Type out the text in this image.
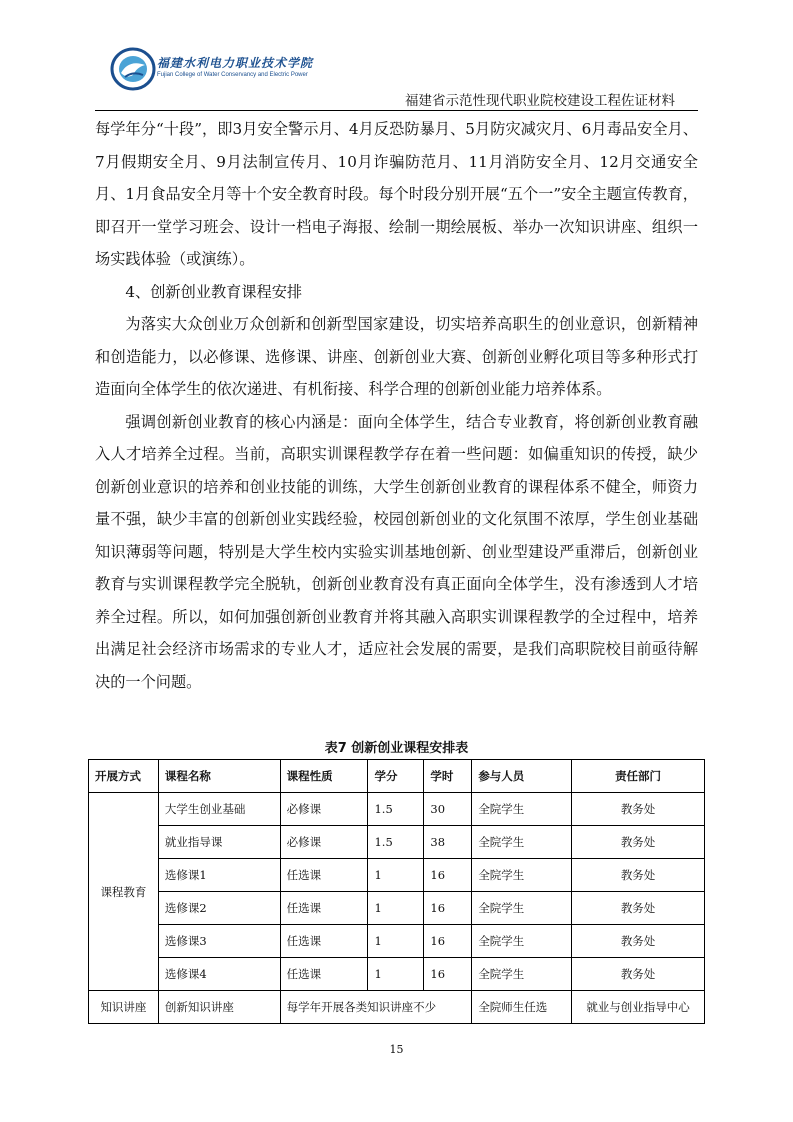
福建水利电力职业技术学院
Fujian College of Water Conservancy and Electric Power
福建省示范性现代职业院校建设工程佐证材料

每学年分“十段”，即3月安全警示月、4月反恐防暴月、5月防灾减灾月、6月毒品安全月、7月假期安全月、9月法制宣传月、10月诈骗防范月、11月消防安全月、12月交通安全月、1月食品安全月等十个安全教育时段。每个时段分别开展“五个一”安全主题宣传教育，即召开一堂学习班会、设计一档电子海报、绘制一期绘展板、举办一次知识讲座、组织一场实践体验（或演练）。

4、创新创业教育课程安排

为落实大众创业万众创新和创新型国家建设，切实培养高职生的创业意识，创新精神和创造能力，以必修课、选修课、讲座、创新创业大赛、创新创业孵化项目等多种形式打造面向全体学生的依次递进、有机衔接、科学合理的创新创业能力培养体系。

强调创新创业教育的核心内涵是：面向全体学生，结合专业教育，将创新创业教育融入人才培养全过程。当前，高职实训课程教学存在着一些问题：如偏重知识的传授，缺少创新创业意识的培养和创业技能的训练，大学生创新创业教育的课程体系不健全，师资力量不强，缺少丰富的创新创业实践经验，校园创新创业的文化氛围不浓厚，学生创业基础知识薄弱等问题，特别是大学生校内实验实训基地创新、创业型建设严重滞后，创新创业教育与实训课程教学完全脱轨，创新创业教育没有真正面向全体学生，没有渗透到人才培养全过程。所以，如何加强创新创业教育并将其融入高职实训课程教学的全过程中，培养出满足社会经济市场需求的专业人才，适应社会发展的需要，是我们高职院校目前亟待解决的一个问题。

表7 创新创业课程安排表
开展方式	课程名称	课程性质	学分	学时	参与人员	责任部门
课程教育	大学生创业基础	必修课	1.5	30	全院学生	教务处
	就业指导课	必修课	1.5	38	全院学生	教务处
	选修课1	任选课	1	16	全院学生	教务处
	选修课2	任选课	1	16	全院学生	教务处
	选修课3	任选课	1	16	全院学生	教务处
	选修课4	任选课	1	16	全院学生	教务处
知识讲座	创新知识讲座	每学年开展各类知识讲座不少			全院师生任选	就业与创业指导中心
15
